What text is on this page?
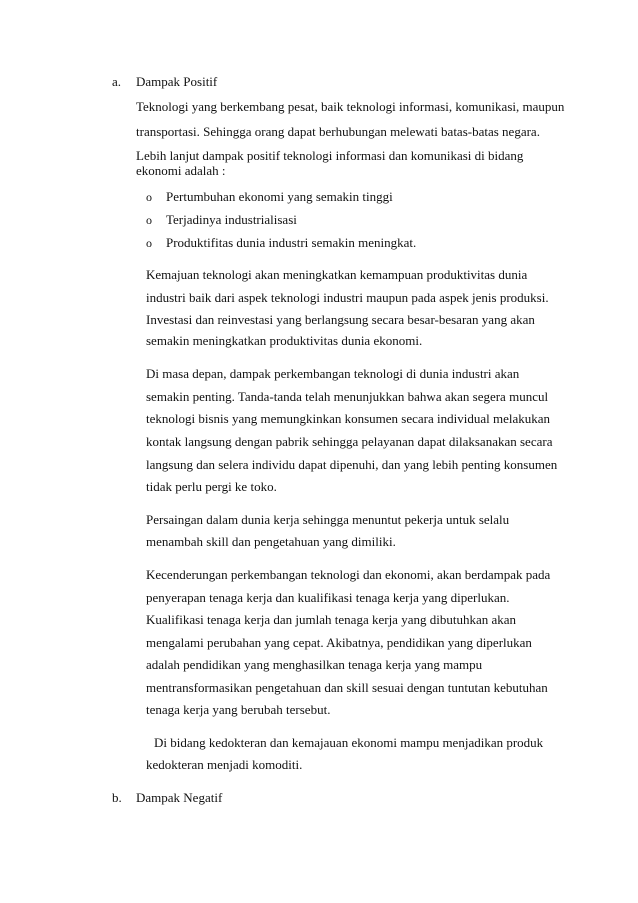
a. Dampak Positif
Teknologi yang berkembang pesat, baik teknologi informasi, komunikasi, maupun
transportasi. Sehingga orang dapat berhubungan melewati batas-batas negara.
Lebih lanjut dampak positif teknologi informasi dan komunikasi di bidang
ekonomi adalah :
o Pertumbuhan ekonomi yang semakin tinggi
o Terjadinya industrialisasi
o Produktifitas dunia industri semakin meningkat.
Kemajuan teknologi akan meningkatkan kemampuan produktivitas dunia
industri baik dari aspek teknologi industri maupun pada aspek jenis produksi.
Investasi dan reinvestasi yang berlangsung secara besar-besaran yang akan
semakin meningkatkan produktivitas dunia ekonomi.
Di masa depan, dampak perkembangan teknologi di dunia industri akan
semakin penting. Tanda-tanda telah menunjukkan bahwa akan segera muncul
teknologi bisnis yang memungkinkan konsumen secara individual melakukan
kontak langsung dengan pabrik sehingga pelayanan dapat dilaksanakan secara
langsung dan selera individu dapat dipenuhi, dan yang lebih penting konsumen
tidak perlu pergi ke toko.
Persaingan dalam dunia kerja sehingga menuntut pekerja untuk selalu
menambah skill dan pengetahuan yang dimiliki.
Kecenderungan perkembangan teknologi dan ekonomi, akan berdampak pada
penyerapan tenaga kerja dan kualifikasi tenaga kerja yang diperlukan.
Kualifikasi tenaga kerja dan jumlah tenaga kerja yang dibutuhkan akan
mengalami perubahan yang cepat. Akibatnya, pendidikan yang diperlukan
adalah pendidikan yang menghasilkan tenaga kerja yang mampu
mentransformasikan pengetahuan dan skill sesuai dengan tuntutan kebutuhan
tenaga kerja yang berubah tersebut.
Di bidang kedokteran dan kemajauan ekonomi mampu menjadikan produk
kedokteran menjadi komoditi.
b. Dampak Negatif
